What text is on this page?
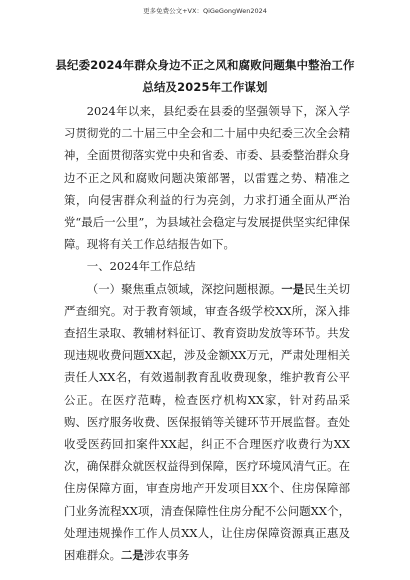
更多免费公文+VX：QiGeGongWen2024
县纪委2024年群众身边不正之风和腐败问题集中整治工作
总结及2025年工作谋划

2024年以来，县纪委在县委的坚强领导下，深入学习贯彻党的二十届三中全会和二十届中央纪委三次全会精神，全面贯彻落实党中央和省委、市委、县委整治群众身边不正之风和腐败问题决策部署，以雷霆之势、精准之策，向侵害群众利益的行为亮剑，力求打通全面从严治党“最后一公里”，为县域社会稳定与发展提供坚实纪律保障。现将有关工作总结报告如下。

一、2024年工作总结

（一）聚焦重点领域，深挖问题根源。一是民生关切严查细究。对于教育领域，审查各级学校XX所，深入排查招生录取、教辅材料征订、教育资助发放等环节。共发现违规收费问题XX起，涉及金额XX万元，严肃处理相关责任人XX名，有效遏制教育乱收费现象，维护教育公平公正。在医疗范畴，检查医疗机构XX家，针对药品采购、医疗服务收费、医保报销等关键环节开展监督。查处收受医药回扣案件XX起，纠正不合理医疗收费行为XX次，确保群众就医权益得到保障，医疗环境风清气正。在住房保障方面，审查房地产开发项目XX个、住房保障部门业务流程XX项，清查保障性住房分配不公问题XX个，处理违规操作工作人员XX人，让住房保障资源真正惠及困难群众。二是涉农事务
